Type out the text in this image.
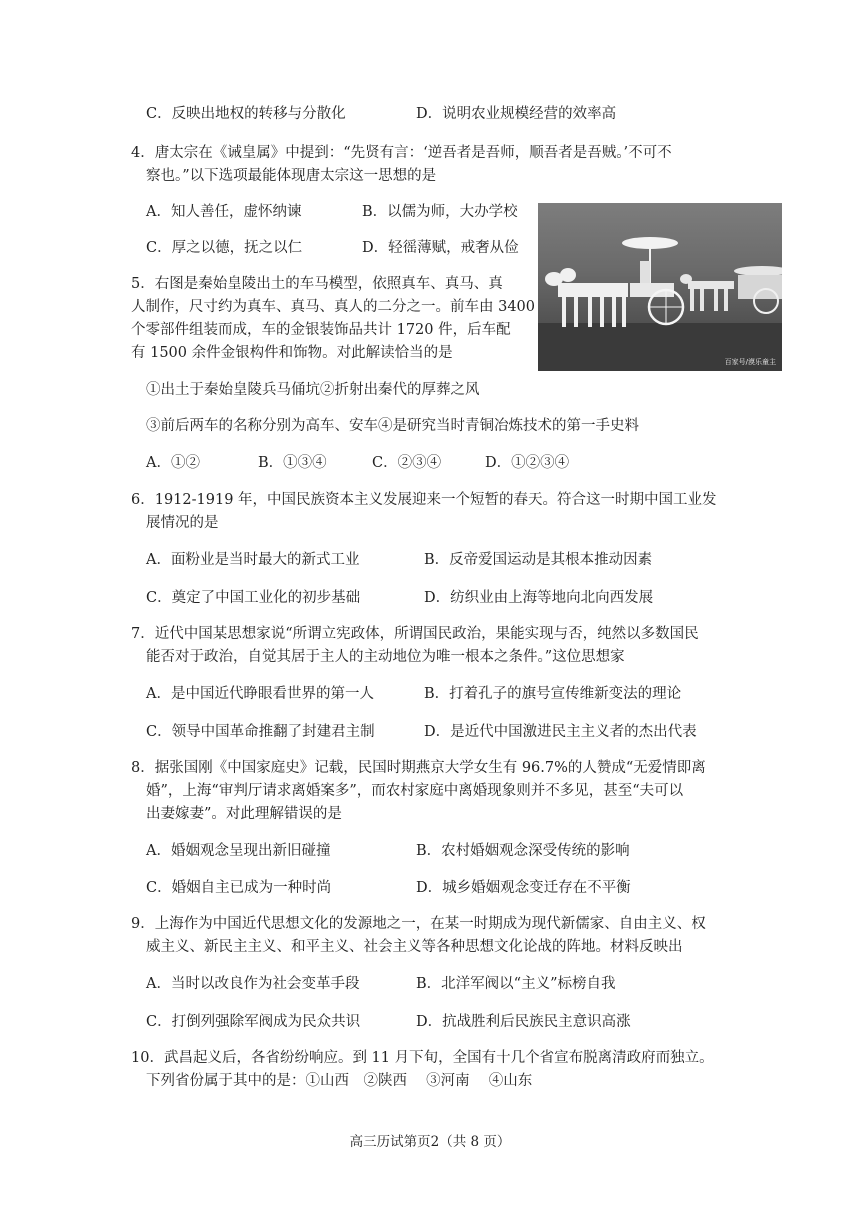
C．反映出地权的转移与分散化	D．说明农业规模经营的效率高
4．唐太宗在《诫皇属》中提到：“先贤有言：‘逆吾者是吾师，顺吾者是吾贼。’不可不
察也。”以下选项最能体现唐太宗这一思想的是
A．知人善任，虚怀纳谏	B．以儒为师，大办学校
C．厚之以德，抚之以仁	D．轻徭薄赋，戒奢从俭
百家号/漠乐童主
5．右图是秦始皇陵出土的车马模型，依照真车、真马、真
人制作，尺寸约为真车、真马、真人的二分之一。前车由 3400
个零部件组装而成，车的金银装饰品共计 1720 件，后车配
有 1500 余件金银构件和饰物。对此解读恰当的是
①出土于秦始皇陵兵马俑坑②折射出秦代的厚葬之风
③前后两车的名称分别为高车、安车④是研究当时青铜冶炼技术的第一手史料
A．①②	B．①③④	C．②③④	D．①②③④
6．1912-1919 年，中国民族资本主义发展迎来一个短暂的春天。符合这一时期中国工业发
展情况的是
A．面粉业是当时最大的新式工业	B．反帝爱国运动是其根本推动因素
C．奠定了中国工业化的初步基础	D．纺织业由上海等地向北向西发展
7．近代中国某思想家说“所谓立宪政体，所谓国民政治，果能实现与否，纯然以多数国民
能否对于政治，自觉其居于主人的主动地位为唯一根本之条件。”这位思想家
A．是中国近代睁眼看世界的第一人	B．打着孔子的旗号宣传维新变法的理论
C．领导中国革命推翻了封建君主制	D．是近代中国激进民主主义者的杰出代表
8．据张国刚《中国家庭史》记载，民国时期燕京大学女生有 96.7%的人赞成“无爱情即离
婚”，上海“审判厅请求离婚案多”，而农村家庭中离婚现象则并不多见，甚至“夫可以
出妻嫁妻”。对此理解错误的是
A．婚姻观念呈现出新旧碰撞	B．农村婚姻观念深受传统的影响
C．婚姻自主已成为一种时尚	D．城乡婚姻观念变迁存在不平衡
9．上海作为中国近代思想文化的发源地之一，在某一时期成为现代新儒家、自由主义、权
威主义、新民主主义、和平主义、社会主义等各种思想文化论战的阵地。材料反映出
A．当时以改良作为社会变革手段	B．北洋军阀以“主义”标榜自我
C．打倒列强除军阀成为民众共识	D．抗战胜利后民族民主意识高涨
10．武昌起义后，各省纷纷响应。到 11 月下旬，全国有十几个省宣布脱离清政府而独立。
下列省份属于其中的是：①山西　②陕西　 ③河南　 ④山东
高三历试第页2（共 8 页）
